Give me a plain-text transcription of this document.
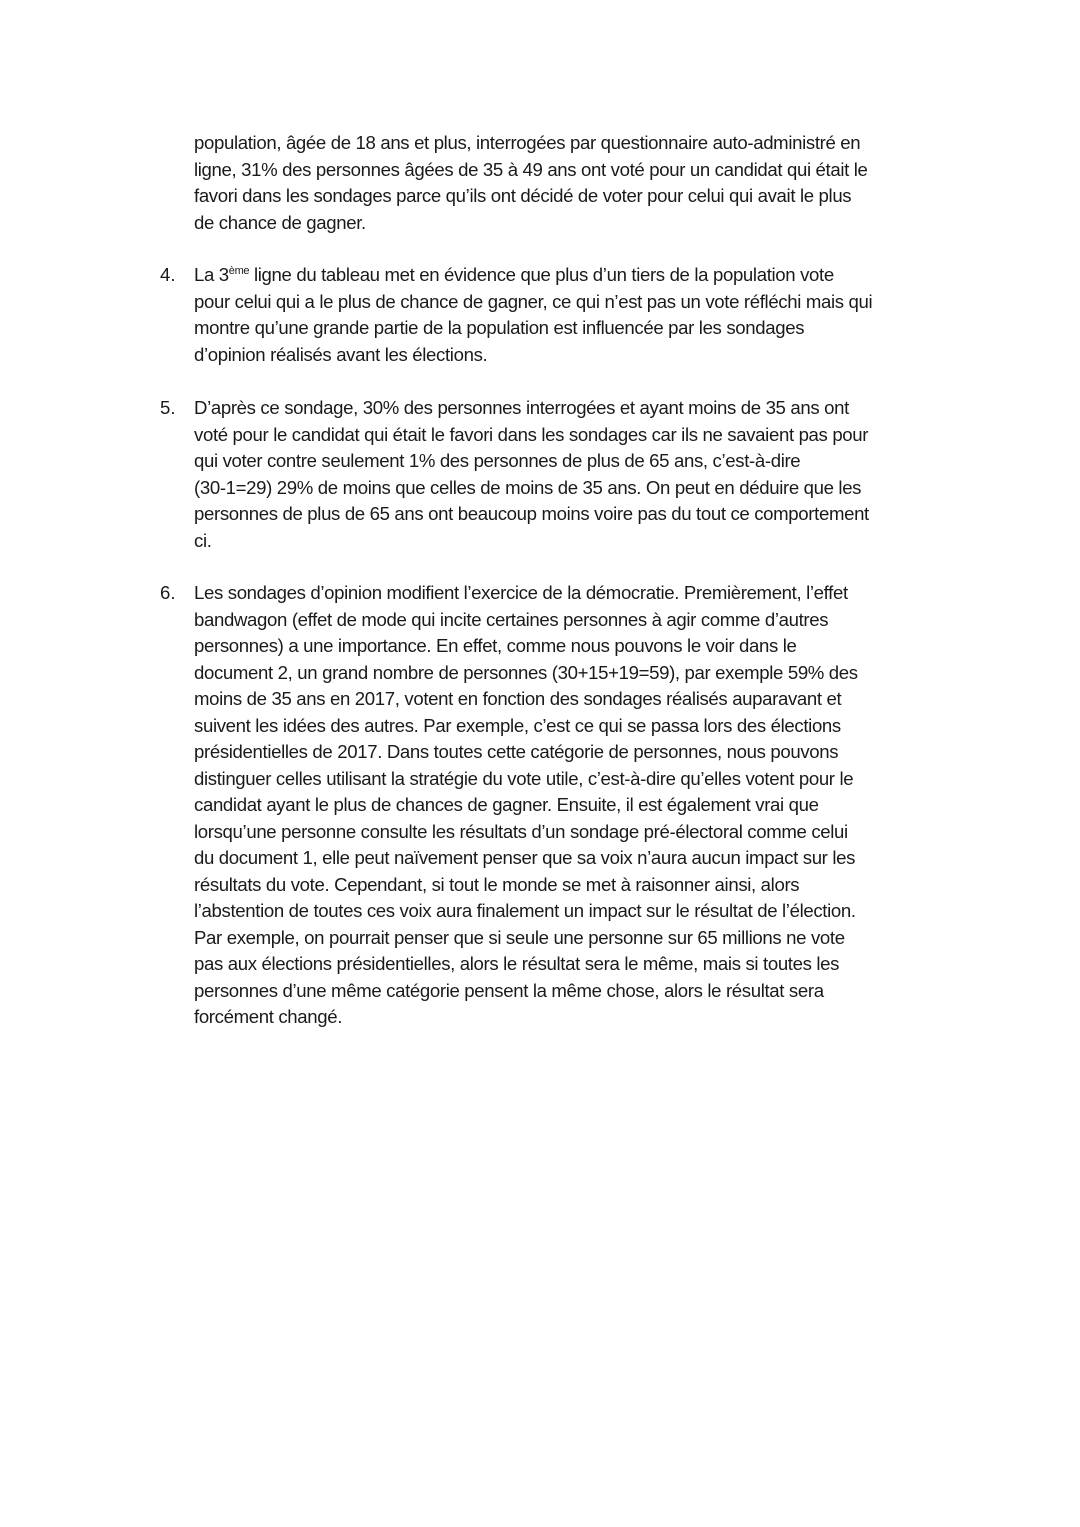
population, âgée de 18 ans et plus, interrogées par questionnaire auto-administré en
ligne, 31% des personnes âgées de 35 à 49 ans ont voté pour un candidat qui était le
favori dans les sondages parce qu’ils ont décidé de voter pour celui qui avait le plus
de chance de gagner.
4. La 3ème ligne du tableau met en évidence que plus d’un tiers de la population vote
pour celui qui a le plus de chance de gagner, ce qui n’est pas un vote réfléchi mais qui
montre qu’une grande partie de la population est influencée par les sondages
d’opinion réalisés avant les élections.
5. D’après ce sondage, 30% des personnes interrogées et ayant moins de 35 ans ont
voté pour le candidat qui était le favori dans les sondages car ils ne savaient pas pour
qui voter contre seulement 1% des personnes de plus de 65 ans, c’est-à-dire
(30-1=29) 29% de moins que celles de moins de 35 ans. On peut en déduire que les
personnes de plus de 65 ans ont beaucoup moins voire pas du tout ce comportement
ci.
6. Les sondages d’opinion modifient l’exercice de la démocratie. Premièrement, l’effet
bandwagon (effet de mode qui incite certaines personnes à agir comme d’autres
personnes) a une importance. En effet, comme nous pouvons le voir dans le
document 2, un grand nombre de personnes (30+15+19=59), par exemple 59% des
moins de 35 ans en 2017, votent en fonction des sondages réalisés auparavant et
suivent les idées des autres. Par exemple, c’est ce qui se passa lors des élections
présidentielles de 2017. Dans toutes cette catégorie de personnes, nous pouvons
distinguer celles utilisant la stratégie du vote utile, c’est-à-dire qu’elles votent pour le
candidat ayant le plus de chances de gagner. Ensuite, il est également vrai que
lorsqu’une personne consulte les résultats d’un sondage pré-électoral comme celui
du document 1, elle peut naïvement penser que sa voix n’aura aucun impact sur les
résultats du vote. Cependant, si tout le monde se met à raisonner ainsi, alors
l’abstention de toutes ces voix aura finalement un impact sur le résultat de l’élection.
Par exemple, on pourrait penser que si seule une personne sur 65 millions ne vote
pas aux élections présidentielles, alors le résultat sera le même, mais si toutes les
personnes d’une même catégorie pensent la même chose, alors le résultat sera
forcément changé.
